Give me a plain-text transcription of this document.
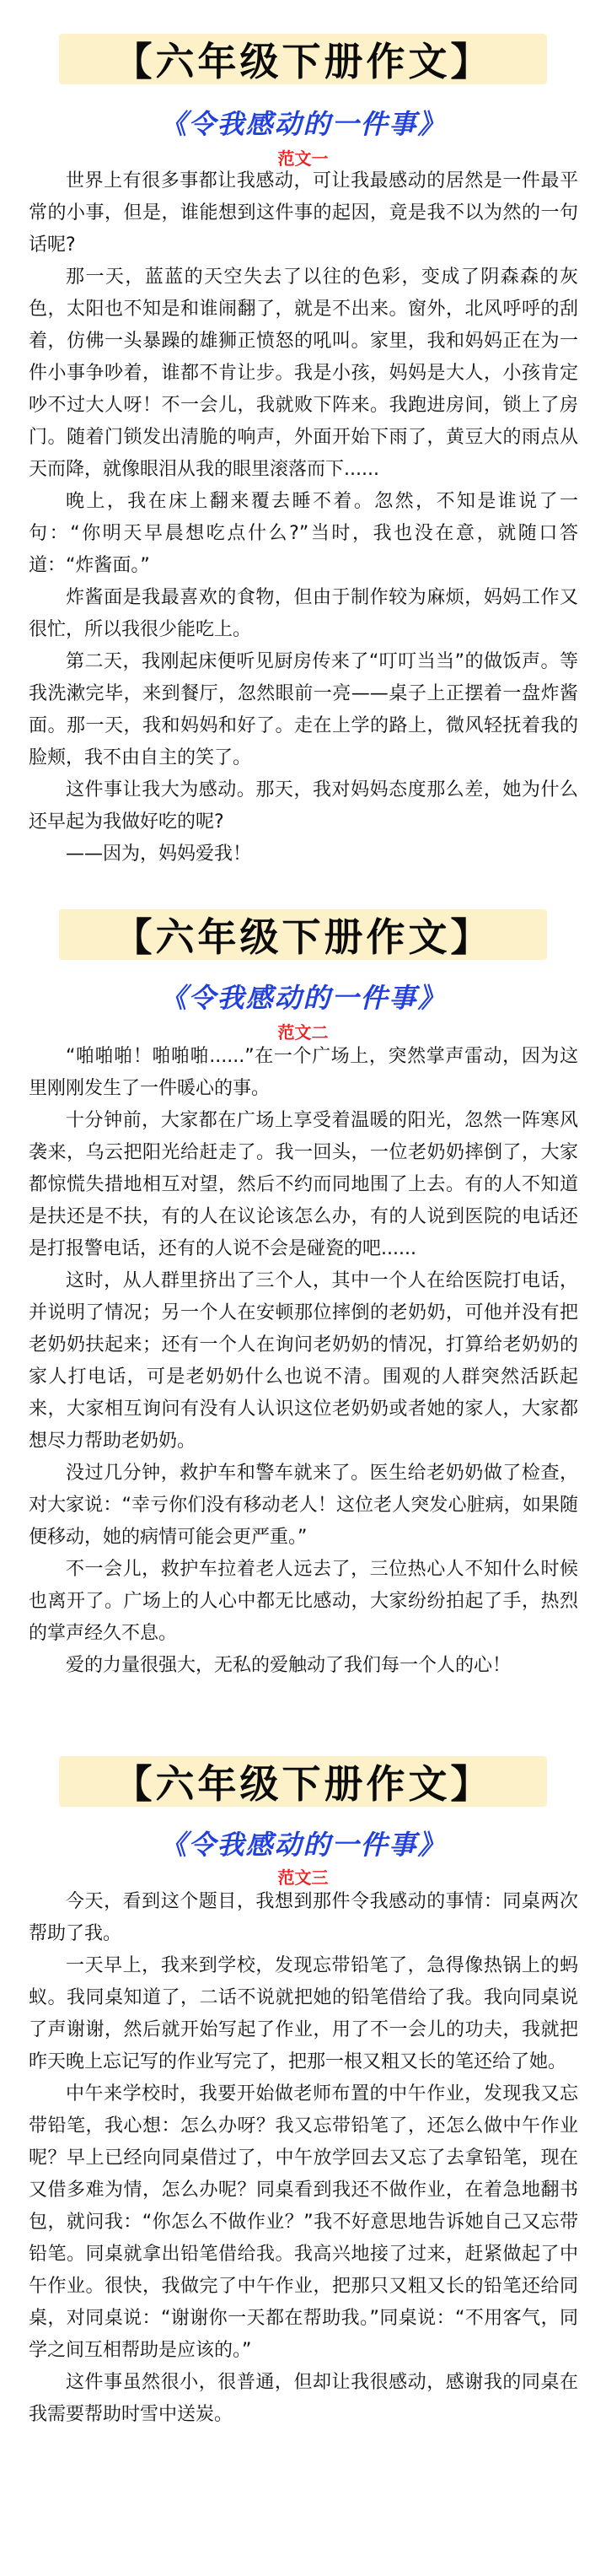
【六年级下册作文】
《令我感动的一件事》
范文一

世界上有很多事都让我感动，可让我最感动的居然是一件最平常的小事，但是，谁能想到这件事的起因，竟是我不以为然的一句话呢?

那一天，蓝蓝的天空失去了以往的色彩，变成了阴森森的灰色，太阳也不知是和谁闹翻了，就是不出来。窗外，北风呼呼的刮着，仿佛一头暴躁的雄狮正愤怒的吼叫。家里，我和妈妈正在为一件小事争吵着，谁都不肯让步。我是小孩，妈妈是大人，小孩肯定吵不过大人呀！不一会儿，我就败下阵来。我跑进房间，锁上了房门。随着门锁发出清脆的响声，外面开始下雨了，黄豆大的雨点从天而降，就像眼泪从我的眼里滚落而下......

晚上，我在床上翻来覆去睡不着。忽然，不知是谁说了一句：“你明天早晨想吃点什么?”当时，我也没在意，就随口答道：“炸酱面。”

炸酱面是我最喜欢的食物，但由于制作较为麻烦，妈妈工作又很忙，所以我很少能吃上。

第二天，我刚起床便听见厨房传来了“叮叮当当”的做饭声。等我洗漱完毕，来到餐厅，忽然眼前一亮——桌子上正摆着一盘炸酱面。那一天，我和妈妈和好了。走在上学的路上，微风轻抚着我的脸颊，我不由自主的笑了。

这件事让我大为感动。那天，我对妈妈态度那么差，她为什么还早起为我做好吃的呢?

——因为，妈妈爱我！

【六年级下册作文】
《令我感动的一件事》
范文二

“啪啪啪！啪啪啪......”在一个广场上，突然掌声雷动，因为这里刚刚发生了一件暖心的事。

十分钟前，大家都在广场上享受着温暖的阳光，忽然一阵寒风袭来，乌云把阳光给赶走了。我一回头，一位老奶奶摔倒了，大家都惊慌失措地相互对望，然后不约而同地围了上去。有的人不知道是扶还是不扶，有的人在议论该怎么办，有的人说到医院的电话还是打报警电话，还有的人说不会是碰瓷的吧......

这时，从人群里挤出了三个人，其中一个人在给医院打电话，并说明了情况；另一个人在安顿那位摔倒的老奶奶，可他并没有把老奶奶扶起来；还有一个人在询问老奶奶的情况，打算给老奶奶的家人打电话，可是老奶奶什么也说不清。围观的人群突然活跃起来，大家相互询问有没有人认识这位老奶奶或者她的家人，大家都想尽力帮助老奶奶。

没过几分钟，救护车和警车就来了。医生给老奶奶做了检查，对大家说：“幸亏你们没有移动老人！这位老人突发心脏病，如果随便移动，她的病情可能会更严重。”

不一会儿，救护车拉着老人远去了，三位热心人不知什么时候也离开了。广场上的人心中都无比感动，大家纷纷拍起了手，热烈的掌声经久不息。

爱的力量很强大，无私的爱触动了我们每一个人的心！

【六年级下册作文】
《令我感动的一件事》
范文三

今天，看到这个题目，我想到那件令我感动的事情：同桌两次帮助了我。

一天早上，我来到学校，发现忘带铅笔了，急得像热锅上的蚂蚁。我同桌知道了，二话不说就把她的铅笔借给了我。我向同桌说了声谢谢，然后就开始写起了作业，用了不一会儿的功夫，我就把昨天晚上忘记写的作业写完了，把那一根又粗又长的笔还给了她。

中午来学校时，我要开始做老师布置的中午作业，发现我又忘带铅笔，我心想：怎么办呀？我又忘带铅笔了，还怎么做中午作业呢？早上已经向同桌借过了，中午放学回去又忘了去拿铅笔，现在又借多难为情，怎么办呢？同桌看到我还不做作业，在着急地翻书包，就问我：“你怎么不做作业？”我不好意思地告诉她自己又忘带铅笔。同桌就拿出铅笔借给我。我高兴地接了过来，赶紧做起了中午作业。很快，我做完了中午作业，把那只又粗又长的铅笔还给同桌，对同桌说：“谢谢你一天都在帮助我。”同桌说：“不用客气，同学之间互相帮助是应该的。”

这件事虽然很小，很普通，但却让我很感动，感谢我的同桌在我需要帮助时雪中送炭。
